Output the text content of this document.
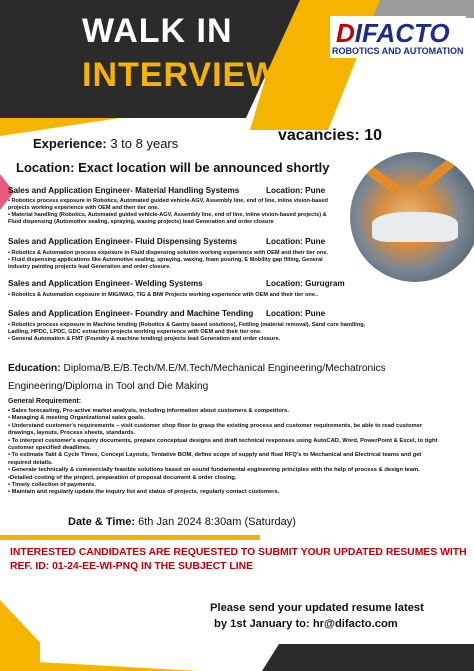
WALK IN
INTERVIEW
DIFACTO
ROBOTICS AND AUTOMATION
Experience: 3 to 8 years	vacancies: 10
Location: Exact location will be announced shortly
Sales and Application Engineer- Material Handling Systems	Location: Pune
• Robotics process exposure in Robotics, Automated guided vehicle-AGV, Assembly line, end of line, inline vision-based
projects working experience with OEM and their tier one.
• Material handling (Robotics, Automated guided vehicle-AGV, Assembly line, end of line, inline vision-based projects) &
Fluid dispensing (Automotive sealing, spraying, waxing projects) lead Generation and order closure
Sales and Application Engineer- Fluid Dispensing Systems	Location: Pune
• Robotics & Automation process exposure in Fluid dispensing solution working experience with OEM and their tier one.
• Fluid dispensing applications like Automotive sealing, spraying, waxing, foam pouring, E Mobility gap filling, General
industry painting projects lead Generation and order closure.
Sales and Application Engineer- Welding Systems	Location: Gurugram
• Robotics & Automation exposure in MIG/MAG, TIG & BIW Projects working experience with OEM and their tier one..
Sales and Application Engineer- Foundry and Machine Tending Location: Pune
• Robotics process exposure in Machine tending (Robotics & Gantry based solutions), Fettling (material removal), Sand core handling,
Ladling, HPDC, LPDC, GDC extraction projects working experience with OEM and their tier one.
• General Automation & FMT (Foundry & machine tending) projects lead Generation and order closure.
Education: Diploma/B.E/B.Tech/M.E/M.Tech/Mechanical Engineering/Mechatronics Engineering/Diploma in Tool and Die Making
General Requirement:
• Sales forecasting, Pro-active market analysis, including information about customers & competitors.
• Managing & meeting Organizational sales goals.
• Understand customer's requirements – visit customer shop floor to grasp the existing process and customer requirements, be able to read customer
drawings, layouts, Process sheets, standards.
• To interpret customer's enquiry documents, prepare conceptual designs and draft technical responses using AutoCAD, Word, PowerPoint & Excel, to tight
customer specified deadlines.
• To estimate Takt & Cycle Times, Concept Layouts, Tentative BOM, define scope of supply and float RFQ's to Mechanical and Electrical teams and get
required details.
• Generate technically & commercially feasible solutions based on sound fundamental engineering principles with the help of process & design team.
•Detailed costing of the project, preparation of proposal document & order closing.
• Timely collection of payments.
• Maintain and regularly update the inquiry list and status of projects, regularly contact customers.
Date & Time: 6th Jan 2024 8:30am (Saturday)
INTERESTED CANDIDATES ARE REQUESTED TO SUBMIT YOUR UPDATED RESUMES WITH REF. ID: 01-24-EE-WI-PNQ IN THE SUBJECT LINE
Please send your updated resume latest
by 1st January to: hr@difacto.com
